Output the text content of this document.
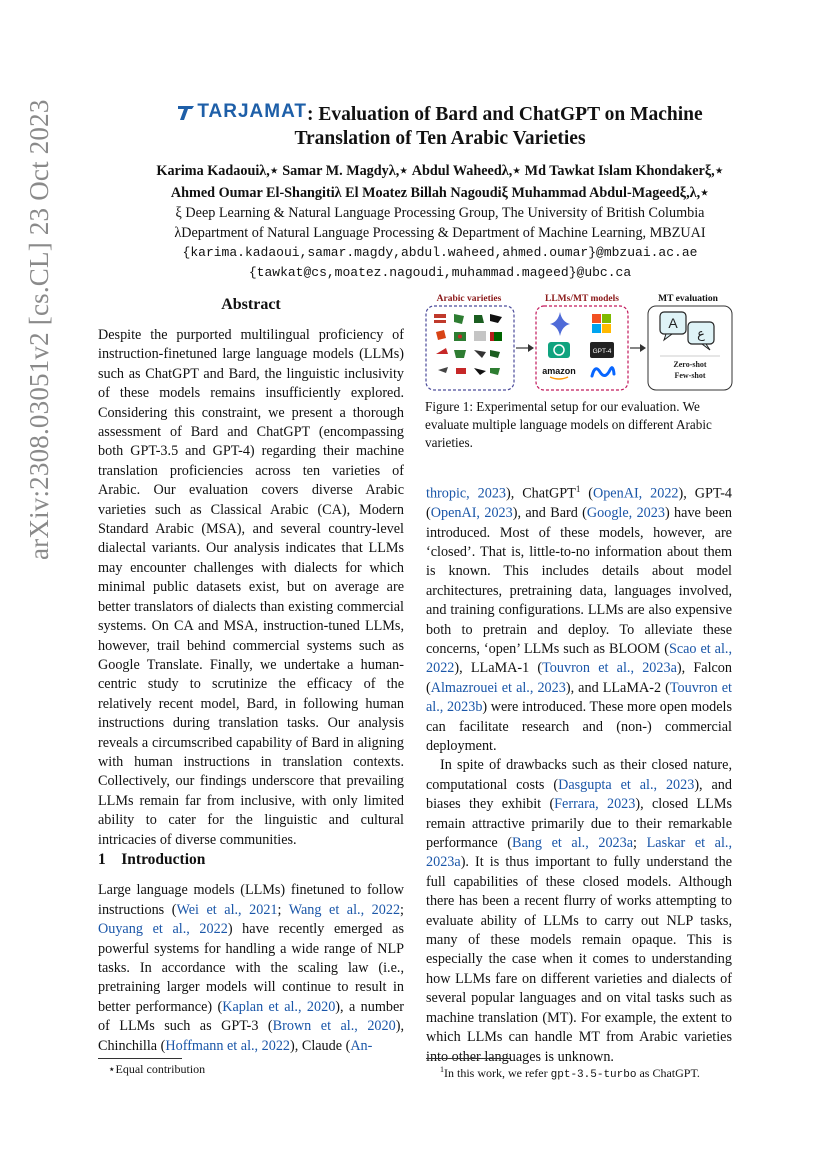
arXiv:2308.03051v2 [cs.CL] 23 Oct 2023	TARJAMAT : Evaluation of Bard and ChatGPT on Machine
Translation of Ten Arabic Varieties
Karima Kadaouiλ,⋆ Samar M. Magdyλ,⋆ Abdul Waheedλ,⋆ Md Tawkat Islam Khondakerξ,⋆
Ahmed Oumar El-Shangitiλ El Moatez Billah Nagoudiξ Muhammad Abdul-Mageedξ,λ,⋆
ξ Deep Learning & Natural Language Processing Group, The University of British Columbia
λDepartment of Natural Language Processing & Department of Machine Learning, MBZUAI
{karima.kadaoui,samar.magdy,abdul.waheed,ahmed.oumar}@mbzuai.ac.ae
{tawkat@cs,moatez.nagoudi,muhammad.mageed}@ubc.ca
Abstract

Despite the purported multilingual proficiency of instruction-finetuned large language models (LLMs) such as ChatGPT and Bard, the linguistic inclusivity of these models remains insufficiently explored. Considering this constraint, we present a thorough assessment of Bard and ChatGPT (encompassing both GPT-3.5 and GPT-4) regarding their machine translation proficiencies across ten varieties of Arabic. Our evaluation covers diverse Arabic varieties such as Classical Arabic (CA), Modern Standard Arabic (MSA), and several country-level dialectal variants. Our analysis indicates that LLMs may encounter challenges with dialects for which minimal public datasets exist, but on average are better translators of dialects than existing commercial systems. On CA and MSA, instruction-tuned LLMs, however, trail behind commercial systems such as Google Translate. Finally, we undertake a human-centric study to scrutinize the efficacy of the relatively recent model, Bard, in following human instructions during translation tasks. Our analysis reveals a circumscribed capability of Bard in aligning with human instructions in translation contexts. Collectively, our findings underscore that prevailing LLMs remain far from inclusive, with only limited ability to cater for the linguistic and cultural intricacies of diverse communities.

1 Introduction

Large language models (LLMs) finetuned to follow instructions (Wei et al., 2021; Wang et al., 2022; Ouyang et al., 2022) have recently emerged as powerful systems for handling a wide range of NLP tasks. In accordance with the scaling law (i.e., pretraining larger models will continue to result in better performance) (Kaplan et al., 2020), a number of LLMs such as GPT-3 (Brown et al., 2020), Chinchilla (Hoffmann et al., 2022), Claude (An-

⋆Equal contribution
Arabic varieties	LLMs/MT models
GPT-4
amazon
MT evaluation
A
ع
Zero-shot
Few-shot
Figure 1: Experimental setup for our evaluation. We evaluate multiple language models on different Arabic varieties.

thropic, 2023), ChatGPT$^1$ (OpenAI, 2022), GPT-4 (OpenAI, 2023), and Bard (Google, 2023) have been introduced. Most of these models, however, are ‘closed’. That is, little-to-no information about them is known. This includes details about model architectures, pretraining data, languages involved, and training configurations. LLMs are also expensive both to pretrain and deploy. To alleviate these concerns, ‘open’ LLMs such as BLOOM (Scao et al., 2022), LLaMA-1 (Touvron et al., 2023a), Falcon (Almazrouei et al., 2023), and LLaMA-2 (Touvron et al., 2023b) were introduced. These more open models can facilitate research and (non-) commercial deployment.

In spite of drawbacks such as their closed nature, computational costs (Dasgupta et al., 2023), and biases they exhibit (Ferrara, 2023), closed LLMs remain attractive primarily due to their remarkable performance (Bang et al., 2023a; Laskar et al., 2023a). It is thus important to fully understand the full capabilities of these closed models. Although there has been a recent flurry of works attempting to evaluate ability of LLMs to carry out NLP tasks, many of these models remain opaque. This is especially the case when it comes to understanding how LLMs fare on different varieties and dialects of several popular languages and on vital tasks such as machine translation (MT). For example, the extent to which LLMs can handle MT from Arabic varieties into other languages is unknown.

$^1$In this work, we refer gpt-3.5-turbo as ChatGPT.
